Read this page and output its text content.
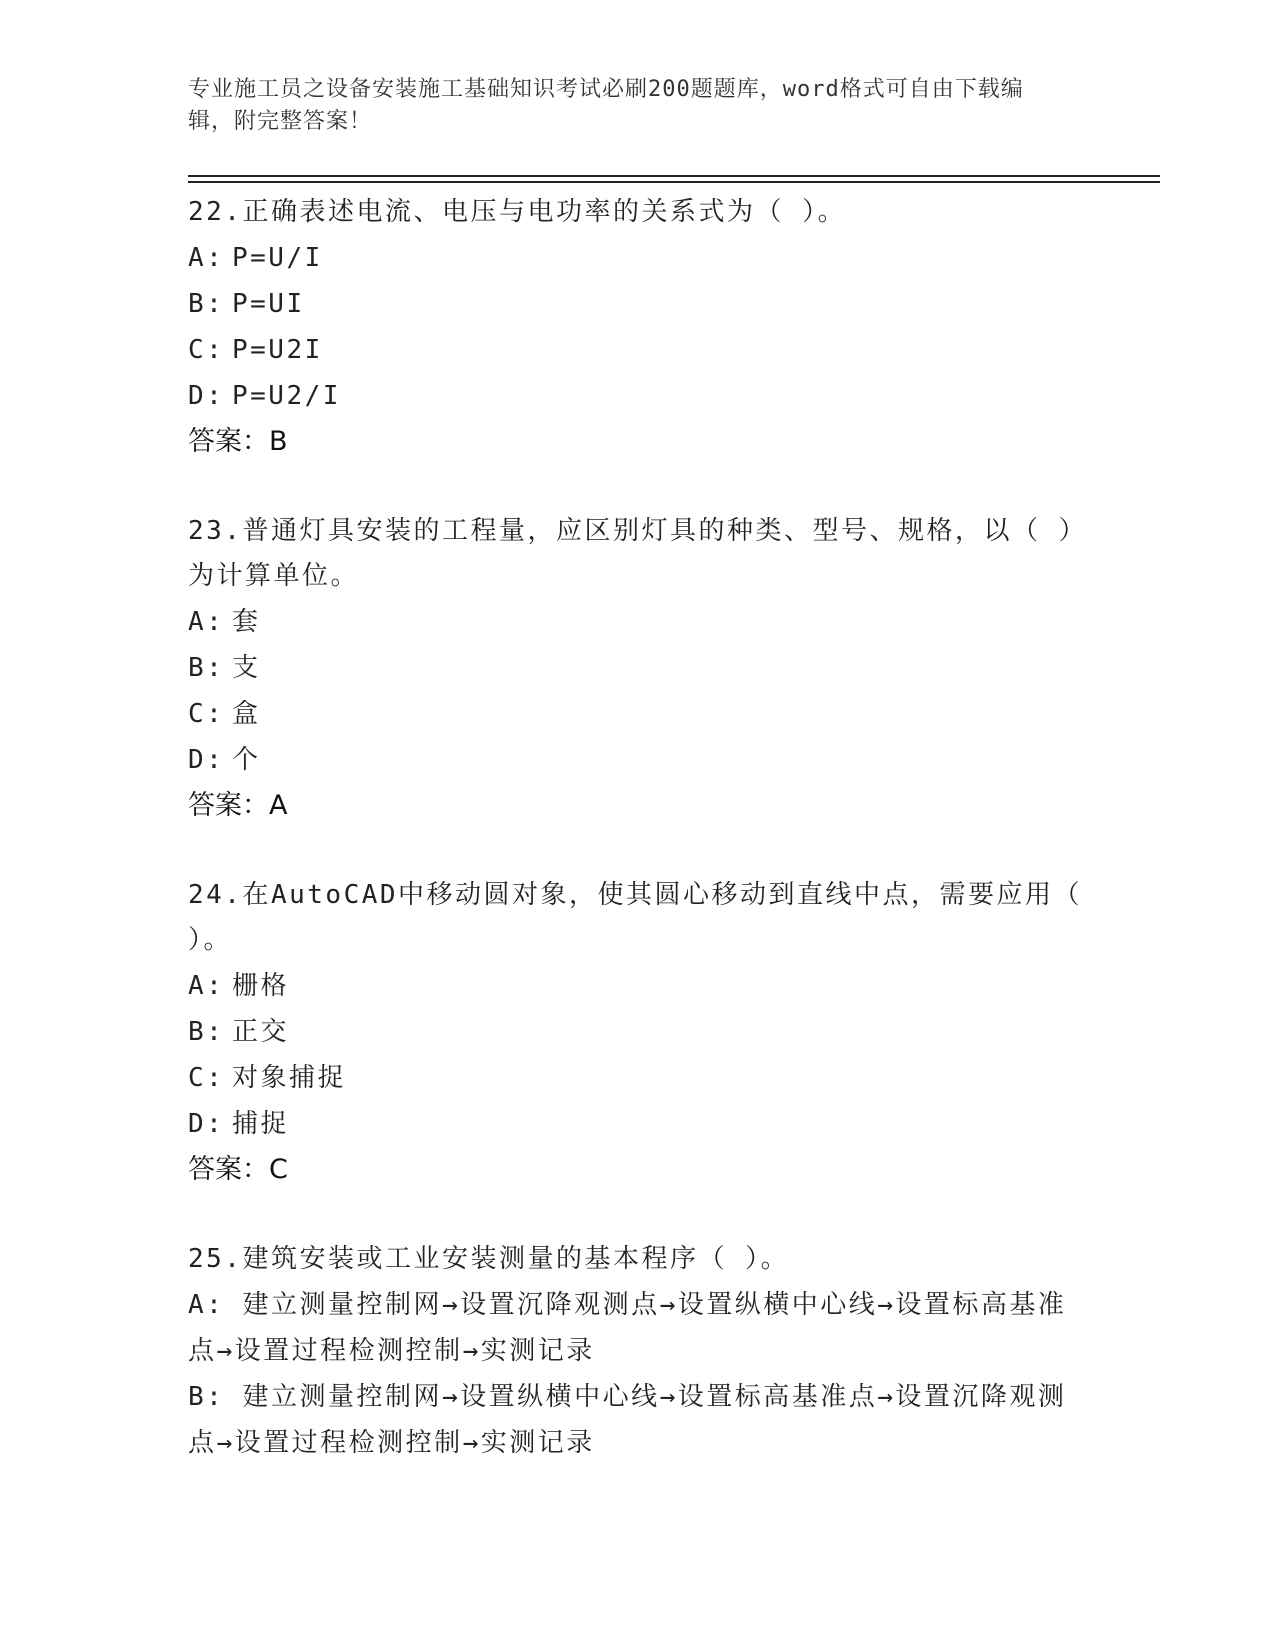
专业施工员之设备安装施工基础知识考试必刷200题题库，word格式可自由下载编辑，附完整答案！
22.正确表述电流、电压与电功率的关系式为（ ）。
A: P=U/I
B: P=UI
C: P=U2I
D: P=U2/I
答案：B
23.普通灯具安装的工程量，应区别灯具的种类、型号、规格，以（ ）为计算单位。
A: 套
B: 支
C: 盒
D: 个
答案：A
24.在AutoCAD中移动圆对象，使其圆心移动到直线中点，需要应用（ ）。
A: 栅格
B: 正交
C: 对象捕捉
D: 捕捉
答案：C
25.建筑安装或工业安装测量的基本程序（ ）。
A: 建立测量控制网→设置沉降观测点→设置纵横中心线→设置标高基准点→设置过程检测控制→实测记录
B: 建立测量控制网→设置纵横中心线→设置标高基准点→设置沉降观测点→设置过程检测控制→实测记录
